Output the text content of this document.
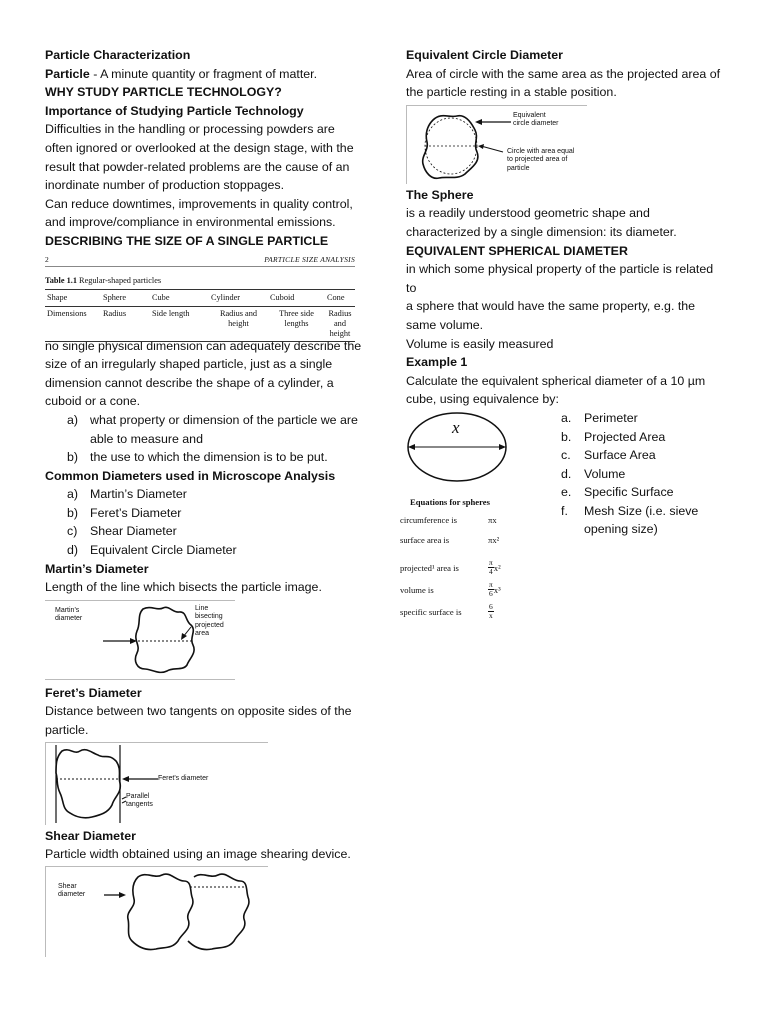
Particle Characterization

Particle - A minute quantity or fragment of matter.

WHY STUDY PARTICLE TECHNOLOGY?

Importance of Studying Particle Technology

Difficulties in the handling or processing powders are often ignored or overlooked at the design stage, with the result that powder-related problems are the cause of an inordinate number of production stoppages.

Can reduce downtimes, improvements in quality control, and improve/compliance in environmental emissions.

DESCRIBING THE SIZE OF A SINGLE PARTICLE

2	PARTICLE SIZE ANALYSIS
Table 1.1 Regular-shaped particles
Shape	Sphere	Cube	Cylinder	Cuboid	Cone
Dimensions	Radius	Side length	Radius and height	Three side lengths	Radius and height

no single physical dimension can adequately describe the size of an irregularly shaped particle, just as a single dimension cannot describe the shape of a cylinder, a cuboid or a cone.

a) what property or dimension of the particle we are able to measure and
b) the use to which the dimension is to be put.

Common Diameters used in Microscope Analysis

a) Martin’s Diameter
b) Feret’s Diameter
c) Shear Diameter
d) Equivalent Circle Diameter

Martin’s Diameter

Length of the line which bisects the particle image.

Martin's
diameter
Line
bisecting
projected
area

Feret’s Diameter

Distance between two tangents on opposite sides of the particle.

Feret's diameter
Parallel
tangents

Shear Diameter

Particle width obtained using an image shearing device.

Shear
diameter

Equivalent Circle Diameter

Area of circle with the same area as the projected area of the particle resting in a stable position.

Equivalent
circle diameter
Circle with area equal
to projected area of
particle

The Sphere

is a readily understood geometric shape and characterized by a single dimension: its diameter.

EQUIVALENT SPHERICAL DIAMETER

in which some physical property of the particle is related to

a sphere that would have the same property, e.g. the same volume.

Volume is easily measured

Example 1

Calculate the equivalent spherical diameter of a 10 µm cube, using equivalence by:

x
Equations for spheres
circumference is	πx
surface area is	πx²
projected¹ area is	$\frac{\pi}{4} x^2$
volume is	$\frac{\pi}{6} x^3$
specific surface is	$\frac{6}{x}$
a. Perimeter
b. Projected Area
c. Surface Area
d. Volume
e. Specific Surface
f. Mesh Size (i.e. sieve opening size)
